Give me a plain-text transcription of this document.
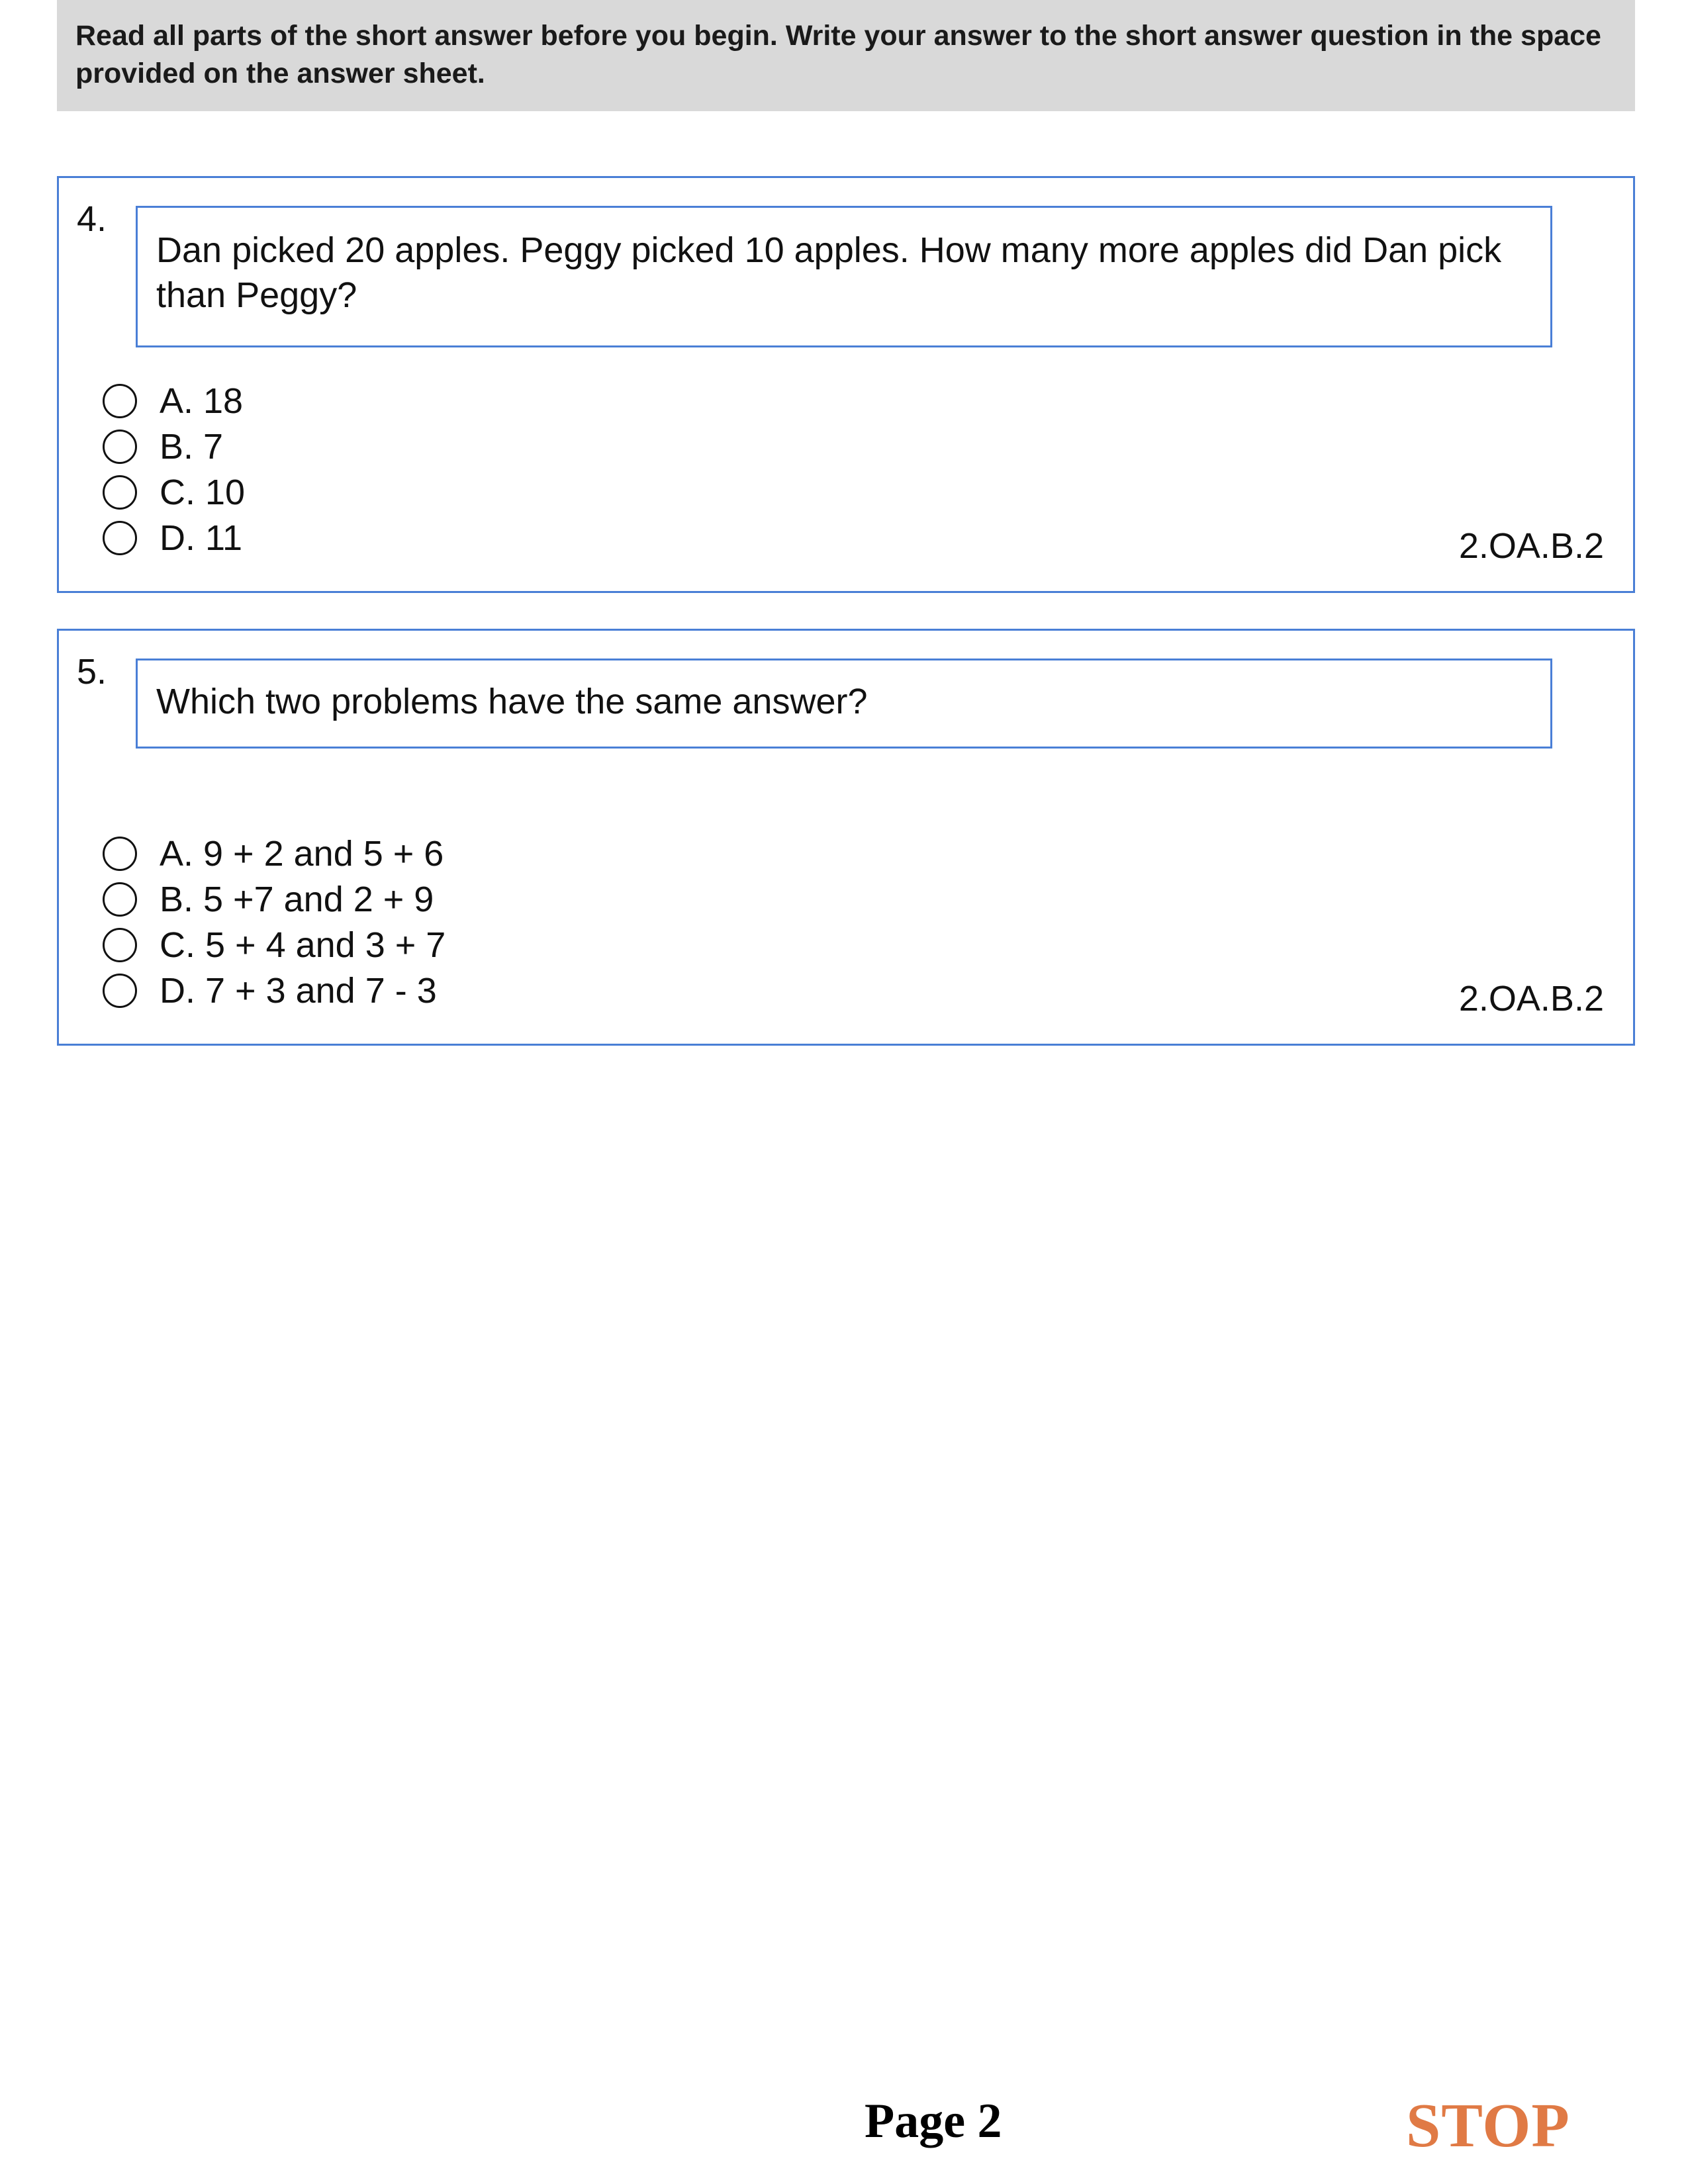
Read all parts of the short answer before you begin. Write your answer to the short answer question in the space provided on the answer sheet.
4.
Dan picked 20 apples. Peggy picked 10 apples. How many more apples did Dan pick than Peggy?
A. 18
B. 7
C. 10
D. 11	2.OA.B.2
5.
Which two problems have the same answer?
A. 9 + 2 and 5 + 6
B. 5 +7 and 2 + 9
C. 5 + 4 and 3 + 7
D. 7 + 3 and 7 - 3	2.OA.B.2
Page 2	STOP
